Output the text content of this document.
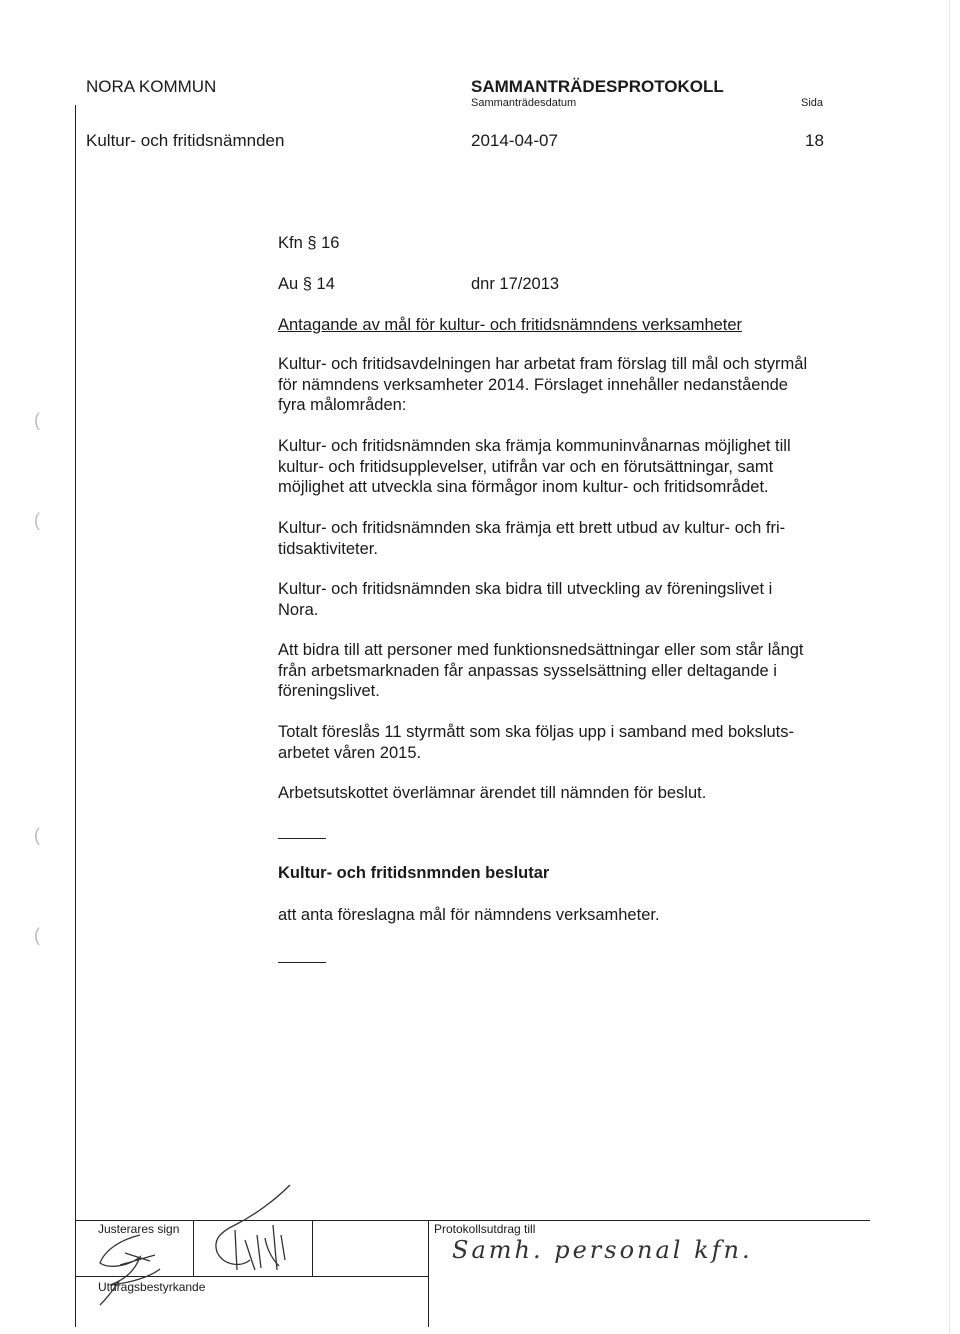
(
(
(
(
NORA KOMMUN	SAMMANTRÄDESPROTOKOLL
Sammanträdesdatum	Sida
Kultur- och fritidsnämnden	2014-04-07	18
Kfn § 16
Au § 14	dnr 17/2013
Antagande av mål för kultur- och fritidsnämndens verksamheter
Kultur- och fritidsavdelningen har arbetat fram förslag till mål och styrmål
för nämndens verksamheter 2014. Förslaget innehåller nedanstående
fyra målområden:
Kultur- och fritidsnämnden ska främja kommuninvånarnas möjlighet till
kultur- och fritidsupplevelser, utifrån var och en förutsättningar, samt
möjlighet att utveckla sina förmågor inom kultur- och fritidsområdet.
Kultur- och fritidsnämnden ska främja ett brett utbud av kultur- och fri-
tidsaktiviteter.
Kultur- och fritidsnämnden ska bidra till utveckling av föreningslivet i
Nora.
Att bidra till att personer med funktionsnedsättningar eller som står långt
från arbetsmarknaden får anpassas sysselsättning eller deltagande i
föreningslivet.
Totalt föreslås 11 styrmått som ska följas upp i samband med boksluts-
arbetet våren 2015.
Arbetsutskottet överlämnar ärendet till nämnden för beslut.
Kultur- och fritidsnmnden beslutar
att anta föreslagna mål för nämndens verksamheter.
Justerares sign
Utdragsbestyrkande
Protokollsutdrag till
Samh. personal kfn.
